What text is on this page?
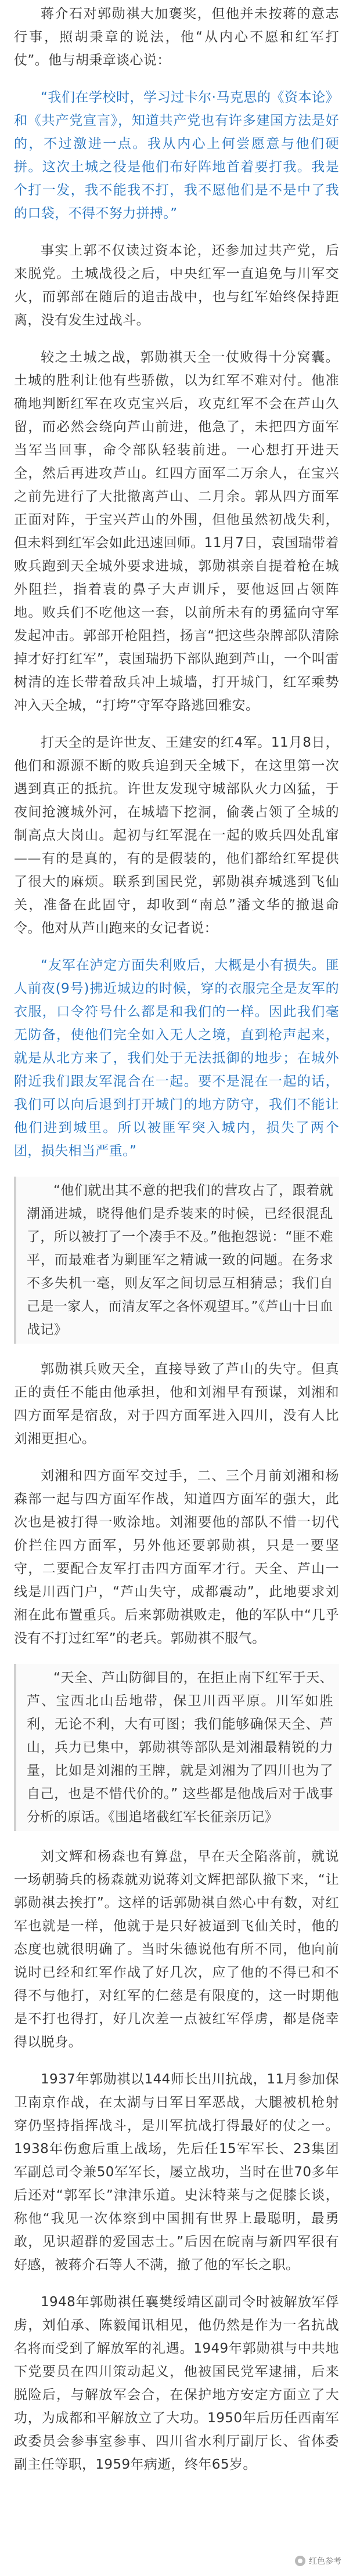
蒋介石对郭勋祺大加褒奖，但他并未按蒋的意志行事，照胡秉章的说法，他“从内心不愿和红军打仗”。他与胡秉章谈心说：

“我们在学校时，学习过卡尔·马克思的《资本论》和《共产党宣言》，知道共产党也有许多建国方法是好的，不过激进一点。我从内心上何尝愿意与他们硬拼。这次土城之役是他们布好阵地首着要打我。我是个打一发，我不能我不打，我不愿他们是不是中了我的口袋，不得不努力拼搏。”

事实上郭不仅读过资本论，还参加过共产党，后来脱党。土城战役之后，中央红军一直追免与川军交火，而郭部在随后的追击战中，也与红军始终保持距离，没有发生过战斗。

较之土城之战，郭勋祺天全一仗败得十分窝囊。土城的胜利让他有些骄傲，以为红军不难对付。他准确地判断红军在攻克宝兴后，攻克红军不会在芦山久留，而必然会绕向芦山前进，他急了，未把四方面军当军当回事，命令部队轻装前进。一心想打开进天全，然后再进攻芦山。红四方面军二万余人，在宝兴之前先进行了大批撤离芦山、二月余。郭从四方面军正面对阵，于宝兴芦山的外围，但他虽然初战失利，但未料到红军会如此迅速回师。11月7日，袁国瑞带着败兵跑到天全城外要求进城，郭勋祺亲自提着枪在城外阻拦，指着袁的鼻子大声训斥，要他返回占领阵地。败兵们不吃他这一套，以前所未有的勇猛向守军发起冲击。郭部开枪阻挡，扬言“把这些杂牌部队清除掉才好打红军”，袁国瑞扔下部队跑到芦山，一个叫雷树清的连长带着敌兵冲上城墙，打开城门，红军乘势冲入天全城，“打垮”守军夺路逃回雅安。

打天全的是许世友、王建安的红4军。11月8日，他们和源源不断的败兵追到天全城下，在这里第一次遇到真正的抵抗。许世友发现守城部队火力凶猛，于夜间抢渡城外河，在城墙下挖洞，偷袭占领了全城的制高点大岗山。起初与红军混在一起的败兵四处乱窜——有的是真的，有的是假装的，他们都给红军提供了很大的麻烦。联系到国民党，郭勋祺弃城逃到飞仙关，准备在此固守，却收到“南总”潘文华的撤退命令。他对从芦山跑来的女记者说：

“友军在泸定方面失利败后，大概是小有损失。匪人前夜(9号)拂近城边的时候，穿的衣服完全是友军的衣服，口令符号什么都是和我们的一样。因此我们毫无防备，使他们完全如入无人之境，直到枪声起来，就是从北方来了，我们处于无法抵御的地步；在城外附近我们跟友军混合在一起。要不是混在一起的话，我们可以向后退到打开城门的地方防守，我们不能让他们进到城里。所以被匪军突入城内，损失了两个团，损失相当严重。”

“他们就出其不意的把我们的营攻占了，跟着就潮涌进城，晓得他们是乔装来的时候，已经很混乱了，所以被打了一个凑手不及。”他抱怨说：“匪不难平，而最难者为剿匪军之精诚一致的问题。在务求不多失机一毫，则友军之间切忌互相猜忌；我们自己是一家人，而清友军之各怀观望耳。”《芦山十日血战记》

郭勋祺兵败天全，直接导致了芦山的失守。但真正的责任不能由他承担，他和刘湘早有预谋，刘湘和四方面军是宿敌，对于四方面军进入四川，没有人比刘湘更担心。

刘湘和四方面军交过手，二、三个月前刘湘和杨森部一起与四方面军作战，知道四方面军的强大，此次也是被打得一败涂地。刘湘要他的部队不惜一切代价拦住四方面军，另外他还要郭勋祺，只是一要坚守，二要配合友军打击四方面军才行。天全、芦山一线是川西门户，“芦山失守，成都震动”，此地要求刘湘在此布置重兵。后来郭勋祺败走，他的军队中“几乎没有不打过红军”的老兵。郭勋祺不服气。

“天全、芦山防御目的，在拒止南下红军于天、芦、宝西北山岳地带，保卫川西平原。川军如胜利，无论不利，大有可图；我们能够确保天全、芦山，兵力已集中，郭勋祺等部队是刘湘最精锐的力量，比如是刘湘的王牌，就是刘湘为了四川也为了自己，也是不惜代价的。” 这些都是他战后对于战事分析的原话。《围追堵截红军长征亲历记》

刘文辉和杨森也有算盘，早在天全陷落前，就说一场朝骑兵的杨森就劝说蒋刘文辉把部队撤下来，“让郭勋祺去挨打”。这样的话郭勋祺自然心中有数，对红军也就是一样，他就于是只好被逼到飞仙关时，他的态度也就很明确了。当时朱德说他有所不同，他向前说时已经和红军作战了好几次，应了他的不得已和不得不与他打，对红军的仁慈是有限度的，这一时期他是不打也得打，好几次差一点被红军俘虏，都是侥幸得以脱身。

1937年郭勋祺以144师长出川抗战，11月参加保卫南京作战，在太湖与日军日军恶战，大腿被机枪射穿仍坚持指挥战斗，是川军抗战打得最好的仗之一。1938年伤愈后重上战场，先后任15军军长、23集团军副总司令兼50军军长，屡立战功，当时在世70多年后还对“郭军长”津津乐道。史沫特莱与之促膝长谈，称他“我见一次体察到中国拥有世界上最聪明，最勇敢，见识超群的爱国志士。”后因在皖南与新四军很有好感，被蒋介石等人不满，撤了他的军长之职。

1948年郭勋祺任襄樊绥靖区副司令时被解放军俘虏，刘伯承、陈毅闻讯相见，他仍然是作为一名抗战名将而受到了解放军的礼遇。1949年郭勋祺与中共地下党要员在四川策动起义，他被国民党军逮捕，后来脱险后，与解放军会合，在保护地方安定方面立了大功，为成都和平解放立了大功。1950年后历任西南军政委员会参事室参事、四川省水利厅副厅长、省体委副主任等职，1959年病逝，终年65岁。

红色参考
